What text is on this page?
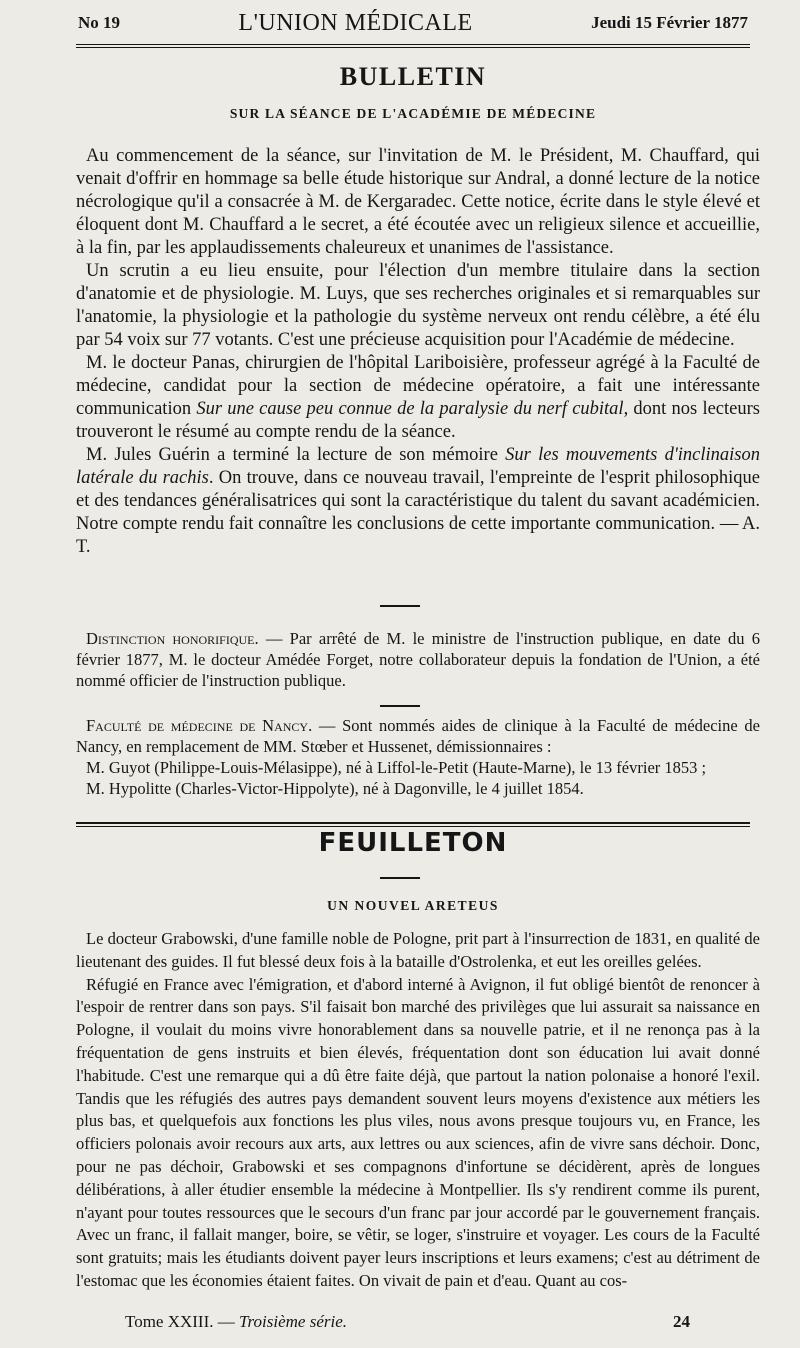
No 19	L'UNION MÉDICALE	Jeudi 15 Février 1877
BULLETIN
SUR LA SÉANCE DE L'ACADÉMIE DE MÉDECINE

Au commencement de la séance, sur l'invitation de M. le Président, M. Chauffard, qui venait d'offrir en hommage sa belle étude historique sur Andral, a donné lecture de la notice nécrologique qu'il a consacrée à M. de Kergaradec. Cette notice, écrite dans le style élevé et éloquent dont M. Chauffard a le secret, a été écoutée avec un religieux silence et accueillie, à la fin, par les applaudissements chaleureux et unanimes de l'assistance.

Un scrutin a eu lieu ensuite, pour l'élection d'un membre titulaire dans la section d'anatomie et de physiologie. M. Luys, que ses recherches originales et si remarquables sur l'anatomie, la physiologie et la pathologie du système nerveux ont rendu célèbre, a été élu par 54 voix sur 77 votants. C'est une précieuse acquisition pour l'Académie de médecine.

M. le docteur Panas, chirurgien de l'hôpital Lariboisière, professeur agrégé à la Faculté de médecine, candidat pour la section de médecine opératoire, a fait une intéressante communication Sur une cause peu connue de la paralysie du nerf cubital, dont nos lecteurs trouveront le résumé au compte rendu de la séance.

M. Jules Guérin a terminé la lecture de son mémoire Sur les mouvements d'inclinaison latérale du rachis. On trouve, dans ce nouveau travail, l'empreinte de l'esprit philosophique et des tendances généralisatrices qui sont la caractéristique du talent du savant académicien. Notre compte rendu fait connaître les conclusions de cette importante communication. — A. T.

Distinction honorifique. — Par arrêté de M. le ministre de l'instruction publique, en date du 6 février 1877, M. le docteur Amédée Forget, notre collaborateur depuis la fondation de l'Union, a été nommé officier de l'instruction publique.

Faculté de médecine de Nancy. — Sont nommés aides de clinique à la Faculté de médecine de Nancy, en remplacement de MM. Stœber et Hussenet, démissionnaires :

M. Guyot (Philippe-Louis-Mélasippe), né à Liffol-le-Petit (Haute-Marne), le 13 février 1853 ;

M. Hypolitte (Charles-Victor-Hippolyte), né à Dagonville, le 4 juillet 1854.

FEUILLETON
UN NOUVEL ARETEUS

Le docteur Grabowski, d'une famille noble de Pologne, prit part à l'insurrection de 1831, en qualité de lieutenant des guides. Il fut blessé deux fois à la bataille d'Ostrolenka, et eut les oreilles gelées.

Réfugié en France avec l'émigration, et d'abord interné à Avignon, il fut obligé bientôt de renoncer à l'espoir de rentrer dans son pays. S'il faisait bon marché des privilèges que lui assurait sa naissance en Pologne, il voulait du moins vivre honorablement dans sa nouvelle patrie, et il ne renonça pas à la fréquentation de gens instruits et bien élevés, fréquentation dont son éducation lui avait donné l'habitude. C'est une remarque qui a dû être faite déjà, que partout la nation polonaise a honoré l'exil. Tandis que les réfugiés des autres pays demandent souvent leurs moyens d'existence aux métiers les plus bas, et quelquefois aux fonctions les plus viles, nous avons presque toujours vu, en France, les officiers polonais avoir recours aux arts, aux lettres ou aux sciences, afin de vivre sans déchoir. Donc, pour ne pas déchoir, Grabowski et ses compagnons d'infortune se décidèrent, après de longues délibérations, à aller étudier ensemble la médecine à Montpellier. Ils s'y rendirent comme ils purent, n'ayant pour toutes ressources que le secours d'un franc par jour accordé par le gouvernement français. Avec un franc, il fallait manger, boire, se vêtir, se loger, s'instruire et voyager. Les cours de la Faculté sont gratuits; mais les étudiants doivent payer leurs inscriptions et leurs examens; c'est au détriment de l'estomac que les économies étaient faites. On vivait de pain et d'eau. Quant au cos-

Tome XXIII. — Troisième série.	24
